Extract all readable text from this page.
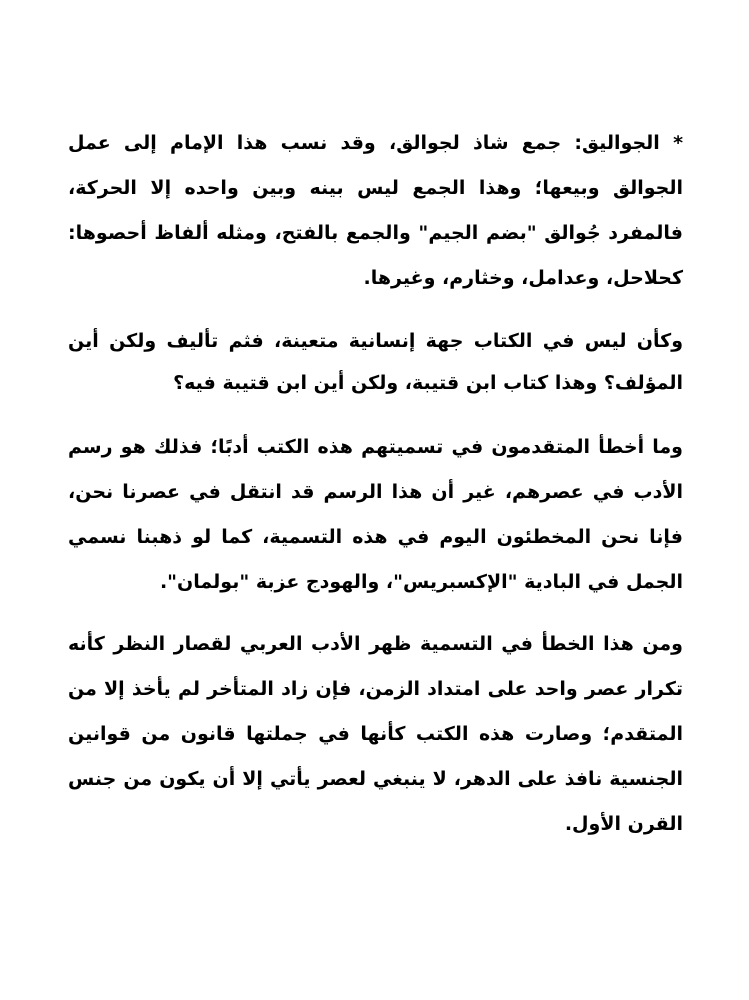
* الجواليق: جمع شاذ لجوالق، وقد نسب هذا الإمام إلى عمل الجوالق وبيعها؛ وهذا الجمع ليس بينه وبين واحده إلا الحركة، فالمفرد جُوالق "بضم الجيم" والجمع بالفتح، ومثله ألفاظ أحصوها: كحلاحل، وعدامل، وخثارم، وغيرها.

وكأن ليس في الكتاب جهة إنسانية متعينة، فثم تأليف ولكن أين المؤلف؟ وهذا كتاب ابن قتيبة، ولكن أين ابن قتيبة فيه؟

وما أخطأ المتقدمون في تسميتهم هذه الكتب أدبًا؛ فذلك هو رسم الأدب في عصرهم، غير أن هذا الرسم قد انتقل في عصرنا نحن، فإنا نحن المخطئون اليوم في هذه التسمية، كما لو ذهبنا نسمي الجمل في البادية "الإكسبريس"، والهودج عزبة "بولمان".

ومن هذا الخطأ في التسمية ظهر الأدب العربي لقصار النظر كأنه تكرار عصر واحد على امتداد الزمن، فإن زاد المتأخر لم يأخذ إلا من المتقدم؛ وصارت هذه الكتب كأنها في جملتها قانون من قوانين الجنسية نافذ على الدهر، لا ينبغي لعصر يأتي إلا أن يكون من جنس القرن الأول.
